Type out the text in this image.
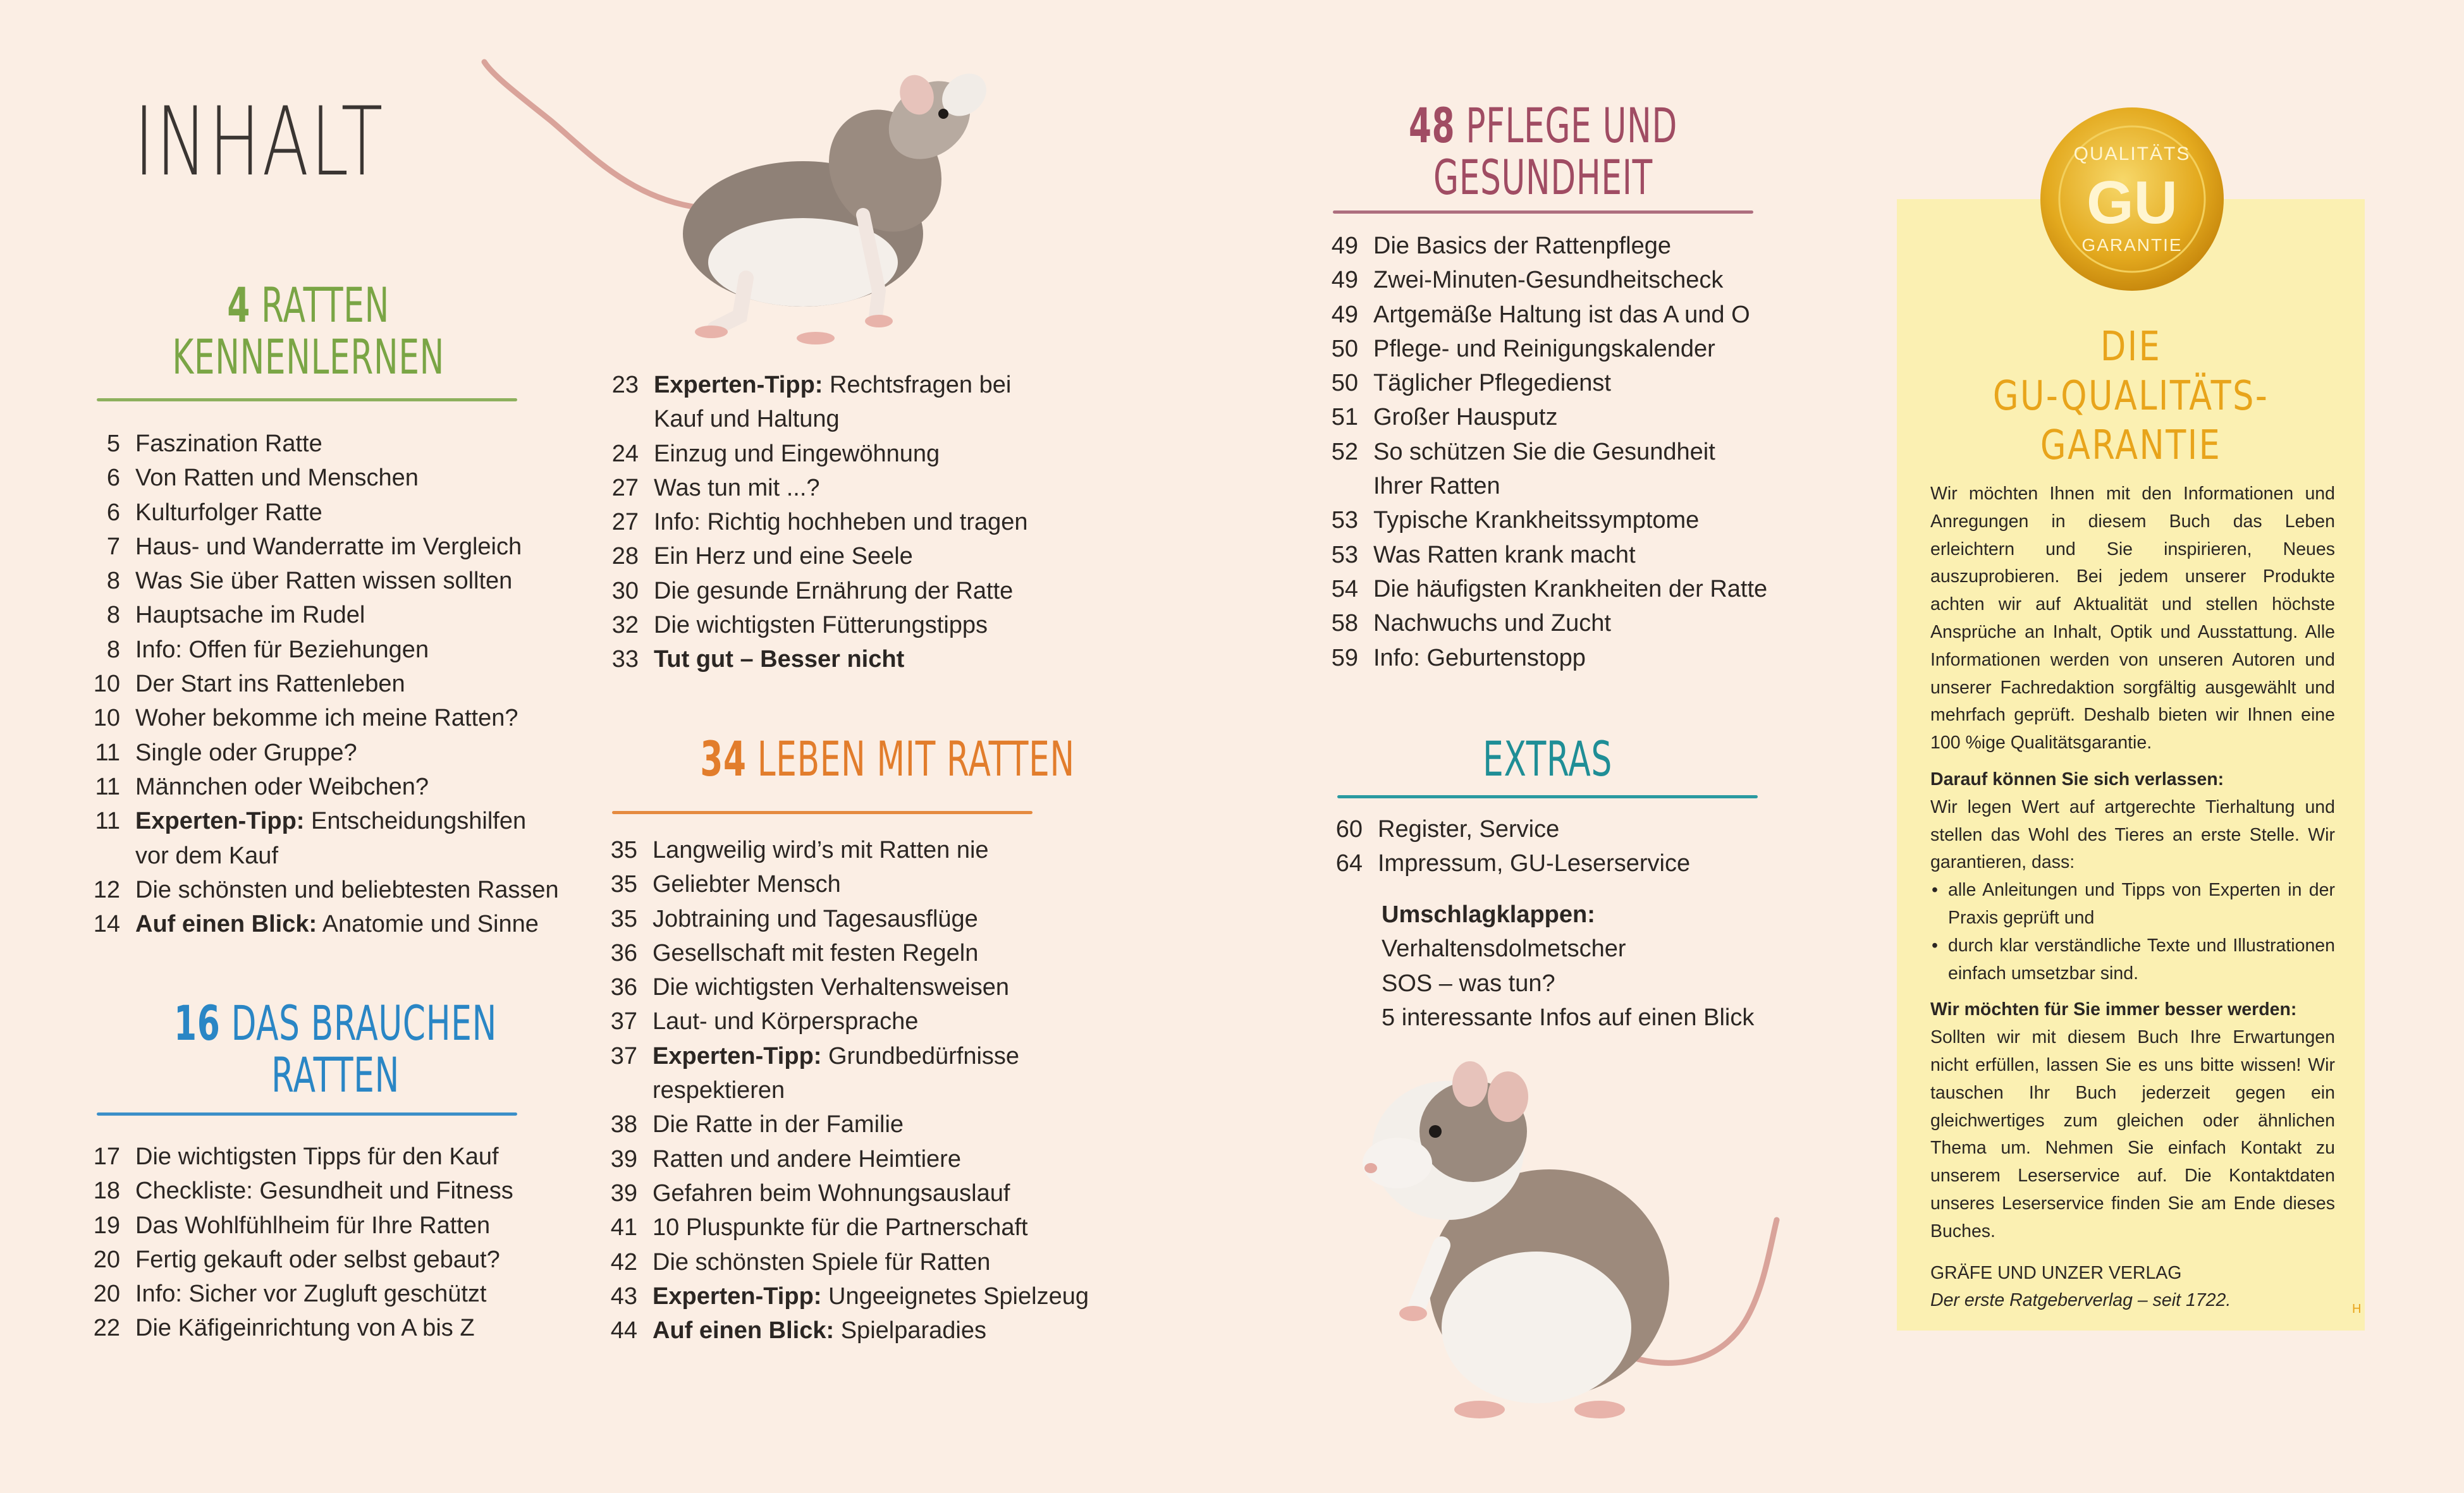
INHALT
4 RATTEN
KENNENLERNEN
5 Faszination Ratte
6 Von Ratten und Menschen
6 Kulturfolger Ratte
7 Haus- und Wanderratte im Vergleich
8 Was Sie über Ratten wissen sollten
8 Hauptsache im Rudel
8 Info: Offen für Beziehungen
10 Der Start ins Rattenleben
10 Woher bekomme ich meine Ratten?
11 Single oder Gruppe?
11 Männchen oder Weibchen?
11 Experten-Tipp: Entscheidungshilfen
vor dem Kauf
12 Die schönsten und beliebtesten Rassen
14 Auf einen Blick: Anatomie und Sinne
16 DAS BRAUCHEN
RATTEN
17 Die wichtigsten Tipps für den Kauf
18 Checkliste: Gesundheit und Fitness
19 Das Wohlfühlheim für Ihre Ratten
20 Fertig gekauft oder selbst gebaut?
20 Info: Sicher vor Zugluft geschützt
22 Die Käfigeinrichtung von A bis Z
23 Experten-Tipp: Rechtsfragen bei
Kauf und Haltung
24 Einzug und Eingewöhnung
27 Was tun mit ...?
27 Info: Richtig hochheben und tragen
28 Ein Herz und eine Seele
30 Die gesunde Ernährung der Ratte
32 Die wichtigsten Fütterungstipps
33 Tut gut – Besser nicht
34 LEBEN MIT RATTEN
35 Langweilig wird’s mit Ratten nie
35 Geliebter Mensch
35 Jobtraining und Tagesausflüge
36 Gesellschaft mit festen Regeln
36 Die wichtigsten Verhaltensweisen
37 Laut- und Körpersprache
37 Experten-Tipp: Grundbedürfnisse
respektieren
38 Die Ratte in der Familie
39 Ratten und andere Heimtiere
39 Gefahren beim Wohnungsauslauf
41 10 Pluspunkte für die Partnerschaft
42 Die schönsten Spiele für Ratten
43 Experten-Tipp: Ungeeignetes Spielzeug
44 Auf einen Blick: Spielparadies
48 PFLEGE UND
GESUNDHEIT
49 Die Basics der Rattenpflege
49 Zwei-Minuten-Gesundheitscheck
49 Artgemäße Haltung ist das A und O
50 Pflege- und Reinigungskalender
50 Täglicher Pflegedienst
51 Großer Hausputz
52 So schützen Sie die Gesundheit
Ihrer Ratten
53 Typische Krankheitssymptome
53 Was Ratten krank macht
54 Die häufigsten Krankheiten der Ratte
58 Nachwuchs und Zucht
59 Info: Geburtenstopp
EXTRAS
60 Register, Service
64 Impressum, GU-Leserservice
Umschlagklappen:
Verhaltensdolmetscher
SOS – was tun?
5 interessante Infos auf einen Blick
QUALITÄTS
GU
GARANTIE
DIE
GU-QUALITÄTS-
GARANTIE

Wir möchten Ihnen mit den Informationen und Anregungen in diesem Buch das Leben erleichtern und Sie inspirieren, Neues auszuprobieren. Bei jedem unserer Produkte achten wir auf Aktualität und stellen höchste Ansprüche an Inhalt, Optik und Ausstattung. Alle Informationen werden von unseren Autoren und unserer Fachredaktion sorgfältig ausgewählt und mehrfach geprüft. Deshalb bieten wir Ihnen eine 100 %ige Qualitätsgarantie.

Darauf können Sie sich verlassen:
Wir legen Wert auf artgerechte Tierhaltung und stellen das Wohl des Tieres an erste Stelle. Wir garantieren, dass:
• alle Anleitungen und Tipps von Experten in der Praxis geprüft und
• durch klar verständliche Texte und Illustrationen einfach umsetzbar sind.
Wir möchten für Sie immer besser werden:
Sollten wir mit diesem Buch Ihre Erwartungen nicht erfüllen, lassen Sie es uns bitte wissen! Wir tauschen Ihr Buch jederzeit gegen ein gleichwertiges zum gleichen oder ähnlichen Thema um. Nehmen Sie einfach Kontakt zu unserem Leserservice auf. Die Kontaktdaten unseres Leserservice finden Sie am Ende dieses Buches.
GRÄFE UND UNZER VERLAG
Der erste Ratgeberverlag – seit 1722.	H
